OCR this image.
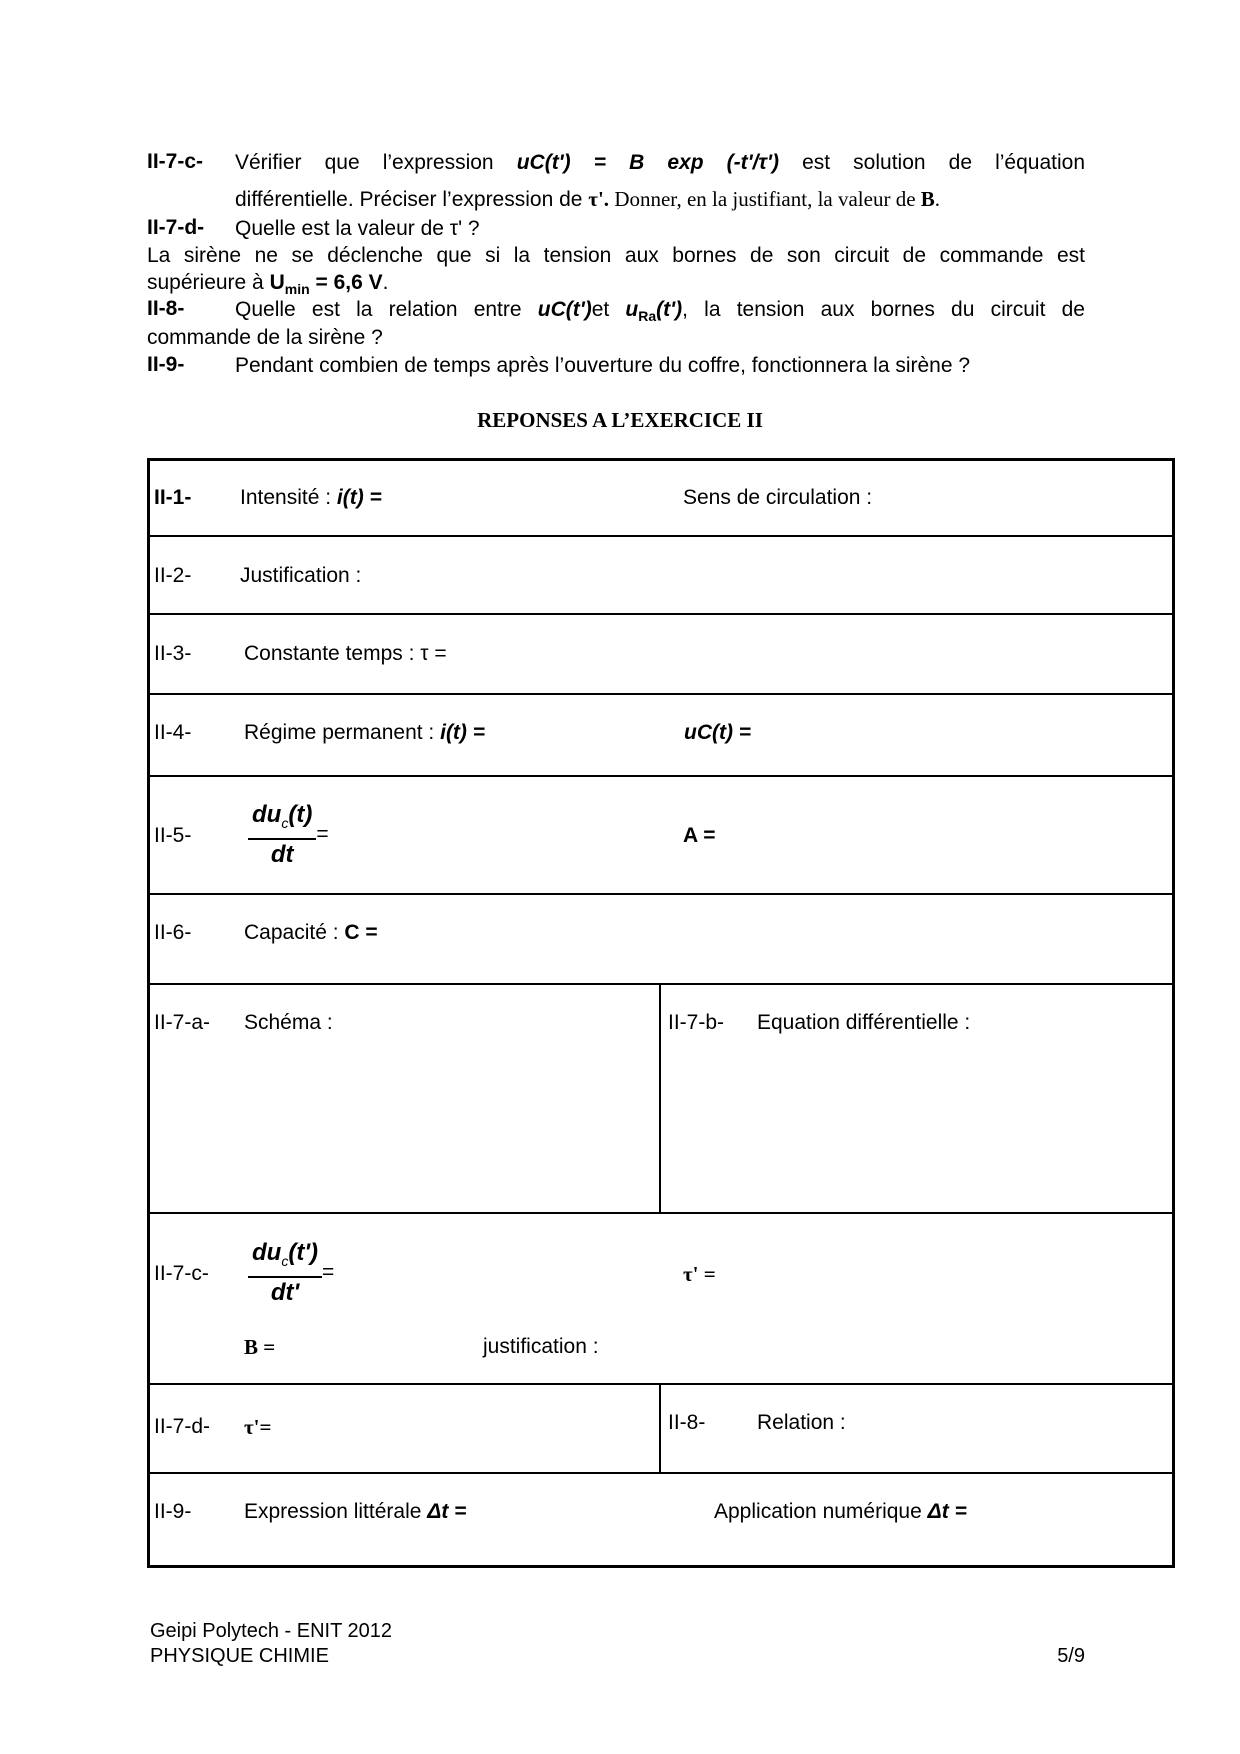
II-7-c- Vérifier que l’expression uC(t') = B exp (-t'/τ') est solution de l’équation
différentielle. Préciser l’expression de τ'. Donner, en la justifiant, la valeur de B.
II-7-d- Quelle est la valeur de τ' ?
La sirène ne se déclenche que si la tension aux bornes de son circuit de commande est
supérieure à $U_{min} = 6,6$ V.
II-8- Quelle est la relation entre uC(t')et $u_{Ra}(t')$, la tension aux bornes du circuit de
commande de la sirène ?
II-9- Pendant combien de temps après l’ouverture du coffre, fonctionnera la sirène ?
REPONSES A L’EXERCICE II
II-1- Intensité : i(t) =	Sens de circulation :
II-2- Justification :
II-3-	Constante temps : τ =
II-4-	Régime permanent : i(t) =	uC(t) =
$II-5- \frac{du_c(t)}{dt}$ =	A =
II-6-	Capacité : C =
II-7-a- Schéma :	II-7-b- Equation différentielle :
$II-7-c- \frac{du_c(t')}{dt'}$ =	τ' =
B =	justification :
II-7-d- τ'=	II-8- Relation :
II-9-	Expression littérale Δt =	Application numérique Δt =
Geipi Polytech - ENIT 2012
PHYSIQUE CHIMIE	5/9
